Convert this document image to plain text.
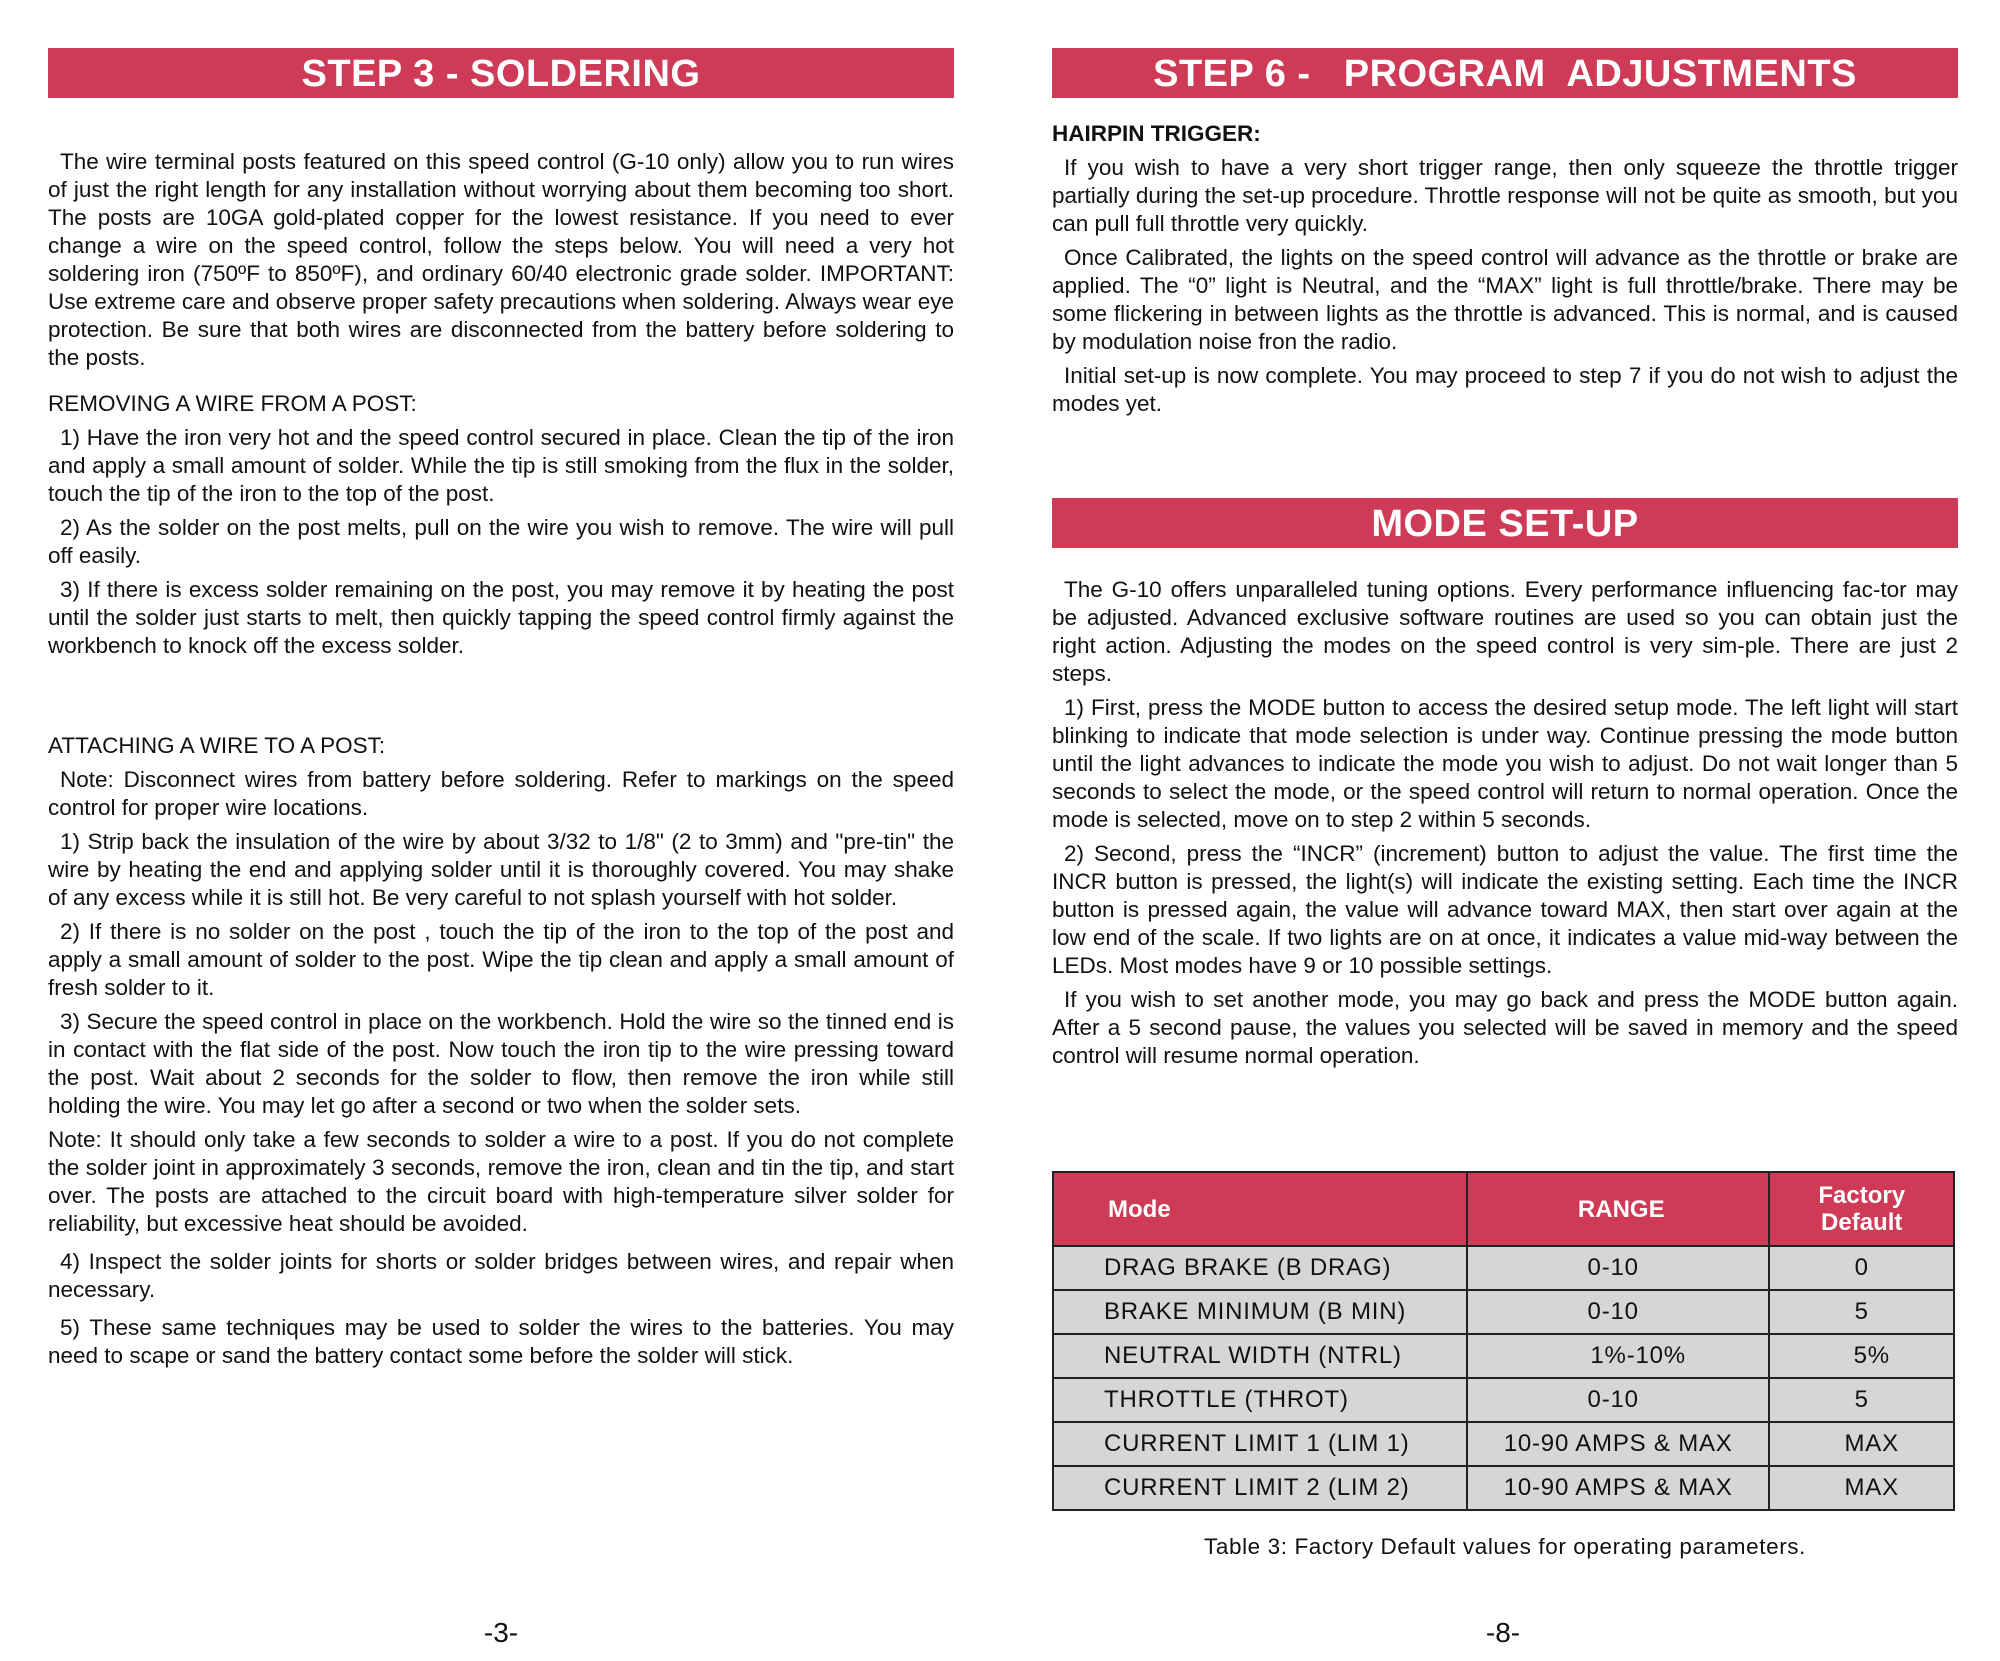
STEP 3 - SOLDERING

The wire terminal posts featured on this speed control (G-10 only) allow you to run wires of just the right length for any installation without worrying about them becoming too short. The posts are 10GA gold-plated copper for the lowest resistance. If you need to ever change a wire on the speed control, follow the steps below. You will need a very hot soldering iron (750ºF to 850ºF), and ordinary 60/40 electronic grade solder. IMPORTANT: Use extreme care and observe proper safety precautions when soldering. Always wear eye protection. Be sure that both wires are disconnected from the battery before soldering to the posts.

REMOVING A WIRE FROM A POST:

1) Have the iron very hot and the speed control secured in place. Clean the tip of the iron and apply a small amount of solder. While the tip is still smoking from the flux in the solder, touch the tip of the iron to the top of the post.

2) As the solder on the post melts, pull on the wire you wish to remove. The wire will pull off easily.

3) If there is excess solder remaining on the post, you may remove it by heating the post until the solder just starts to melt, then quickly tapping the speed control firmly against the workbench to knock off the excess solder.

ATTACHING A WIRE TO A POST:

Note: Disconnect wires from battery before soldering. Refer to markings on the speed control for proper wire locations.

1) Strip back the insulation of the wire by about 3/32 to 1/8" (2 to 3mm) and "pre-tin" the wire by heating the end and applying solder until it is thoroughly covered. You may shake of any excess while it is still hot. Be very careful to not splash yourself with hot solder.

2) If there is no solder on the post , touch the tip of the iron to the top of the post and apply a small amount of solder to the post. Wipe the tip clean and apply a small amount of fresh solder to it.

3) Secure the speed control in place on the workbench. Hold the wire so the tinned end is in contact with the flat side of the post. Now touch the iron tip to the wire pressing toward the post. Wait about 2 seconds for the solder to flow, then remove the iron while still holding the wire. You may let go after a second or two when the solder sets.

Note: It should only take a few seconds to solder a wire to a post. If you do not complete the solder joint in approximately 3 seconds, remove the iron, clean and tin the tip, and start over. The posts are attached to the circuit board with high-temperature silver solder for reliability, but excessive heat should be avoided.

4) Inspect the solder joints for shorts or solder bridges between wires, and repair when necessary.

5) These same techniques may be used to solder the wires to the batteries. You may need to scape or sand the battery contact some before the solder will stick.

STEP 6 -   PROGRAM  ADJUSTMENTS

HAIRPIN TRIGGER:

If you wish to have a very short trigger range, then only squeeze the throttle trigger partially during the set-up procedure. Throttle response will not be quite as smooth, but you can pull full throttle very quickly.

Once Calibrated, the lights on the speed control will advance as the throttle or brake are applied. The “0” light is Neutral, and the “MAX” light is full throttle/brake. There may be some flickering in between lights as the throttle is advanced. This is normal, and is caused by modulation noise fron the radio.

Initial set-up is now complete. You may proceed to step 7 if you do not wish to adjust the modes yet.

MODE SET-UP

The G-10 offers unparalleled tuning options. Every performance influencing fac-tor may be adjusted. Advanced exclusive software routines are used so you can obtain just the right action. Adjusting the modes on the speed control is very sim-ple. There are just 2 steps.

1) First, press the MODE button to access the desired setup mode. The left light will start blinking to indicate that mode selection is under way. Continue pressing the mode button until the light advances to indicate the mode you wish to adjust. Do not wait longer than 5 seconds to select the mode, or the speed control will return to normal operation. Once the mode is selected, move on to step 2 within 5 seconds.

2) Second, press the “INCR” (increment) button to adjust the value. The first time the INCR button is pressed, the light(s) will indicate the existing setting. Each time the INCR button is pressed again, the value will advance toward MAX, then start over again at the low end of the scale. If two lights are on at once, it indicates a value mid-way between the LEDs. Most modes have 9 or 10 possible settings.

If you wish to set another mode, you may go back and press the MODE button again. After a 5 second pause, the values you selected will be saved in memory and the speed control will resume normal operation.

Mode	RANGE	Factory
Default

DRAG BRAKE (B DRAG)	0-10	0
BRAKE MINIMUM (B MIN)	0-10	5
NEUTRAL WIDTH (NTRL)	1%-10%	5%
THROTTLE (THROT)	0-10	5
CURRENT LIMIT 1 (LIM 1)	10-90 AMPS & MAX	MAX
CURRENT LIMIT 2 (LIM 2)	10-90 AMPS & MAX	MAX
Table 3: Factory Default values for operating parameters.
-3-	-8-
